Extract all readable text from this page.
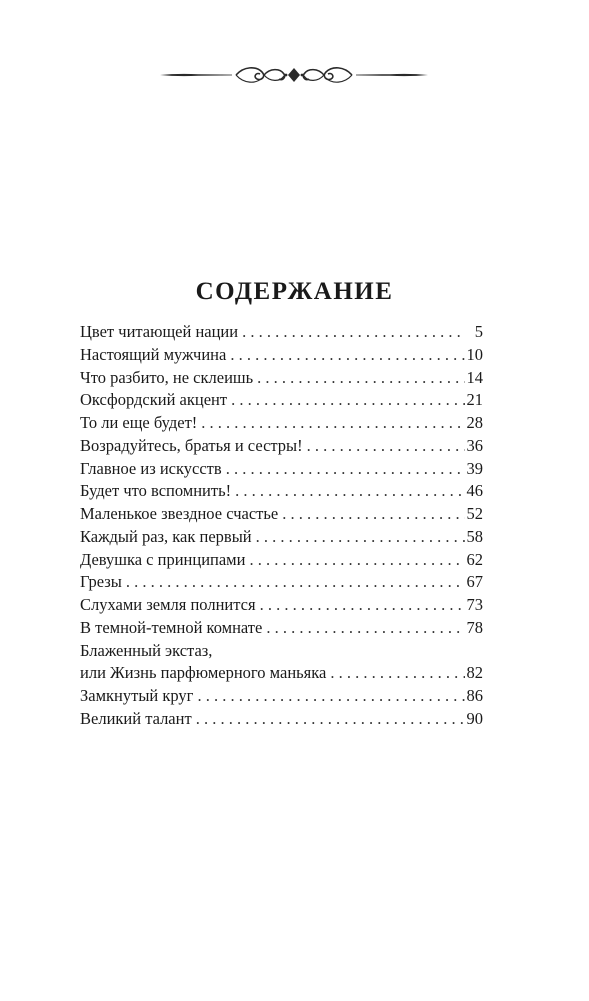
СОДЕРЖАНИЕ
Цвет читающей нации . . .	5
Настоящий мужчина . . .	10
Что разбито, не склеишь . . .	14
Оксфордский акцент . . .	21
То ли еще будет! . . .	28
Возрадуйтесь, братья и сестры! . . .	36
Главное из искусств . . .	39
Будет что вспомнить! . . .	46
Маленькое звездное счастье . . .	52
Каждый раз, как первый . . .	58
Девушка с принципами . . .	62
Грезы . . .	67
Слухами земля полнится . . .	73
В темной-темной комнате . . .	78
Блаженный экстаз,
или Жизнь парфюмерного маньяка . . .	82
Замкнутый круг . . .	86
Великий талант . . .	90
